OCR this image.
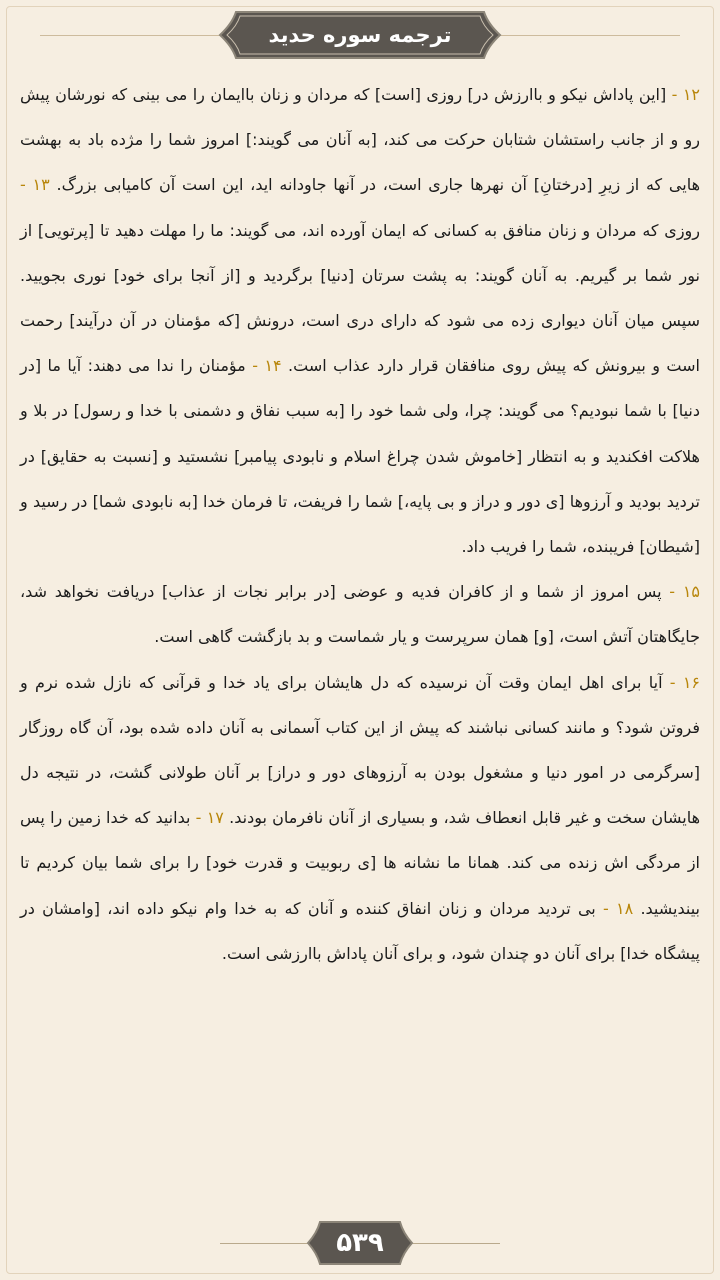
ترجمه سوره حدید

۱۲ - [این پاداش نیکو و باارزش در] روزی [است] که مردان و زنان باایمان را می بینی که نورشان پیش رو و از جانب راستشان شتابان حرکت می کند، [به آنان می گویند:] امروز شما را مژده باد به بهشت هایی که از زیرِ [درختانِ] آن نهرها جاری است، در آنها جاودانه اید، این است آن کامیابی بزرگ. ۱۳ - روزی که مردان و زنان منافق به کسانی که ایمان آورده اند، می گویند: ما را مهلت دهید تا [پرتویی] از نور شما بر گیریم. به آنان گویند: به پشت سرتان [دنیا] برگردید و [از آنجا برای خود] نوری بجویید. سپس میان آنان دیواری زده می شود که دارای دری است، درونش [که مؤمنان در آن درآیند] رحمت است و بیرونش که پیش روی منافقان قرار دارد عذاب است. ۱۴ - مؤمنان را ندا می دهند: آیا ما [در دنیا] با شما نبودیم؟ می گویند: چرا، ولی شما خود را [به سبب نفاق و دشمنی با خدا و رسول] در بلا و هلاکت افکندید و به انتظار [خاموش شدن چراغ اسلام و نابودی پیامبر] نشستید و [نسبت به حقایق] در تردید بودید و آرزوها [ی دور و دراز و بی پایه،] شما را فریفت، تا فرمان خدا [به نابودی شما] در رسید و [شیطان] فریبنده، شما را فریب داد.

۱۵ - پس امروز از شما و از کافران فدیه و عوضی [در برابر نجات از عذاب] دریافت نخواهد شد، جایگاهتان آتش است، [و] همان سرپرست و یار شماست و بد بازگشت گاهی است.

۱۶ - آیا برای اهل ایمان وقت آن نرسیده که دل هایشان برای یاد خدا و قرآنی که نازل شده نرم و فروتن شود؟ و مانند کسانی نباشند که پیش از این کتاب آسمانی به آنان داده شده بود، آن گاه روزگار [سرگرمی در امور دنیا و مشغول بودن به آرزوهای دور و دراز] بر آنان طولانی گشت، در نتیجه دل هایشان سخت و غیر قابل انعطاف شد، و بسیاری از آنان نافرمان بودند. ۱۷ - بدانید که خدا زمین را پس از مردگی اش زنده می کند. همانا ما نشانه ها [ی ربوبیت و قدرت خود] را برای شما بیان کردیم تا بیندیشید. ۱۸ - بی تردید مردان و زنان انفاق کننده و آنان که به خدا وام نیکو داده اند، [وامشان در پیشگاه خدا] برای آنان دو چندان شود، و برای آنان پاداش باارزشی است.

۵۳۹
